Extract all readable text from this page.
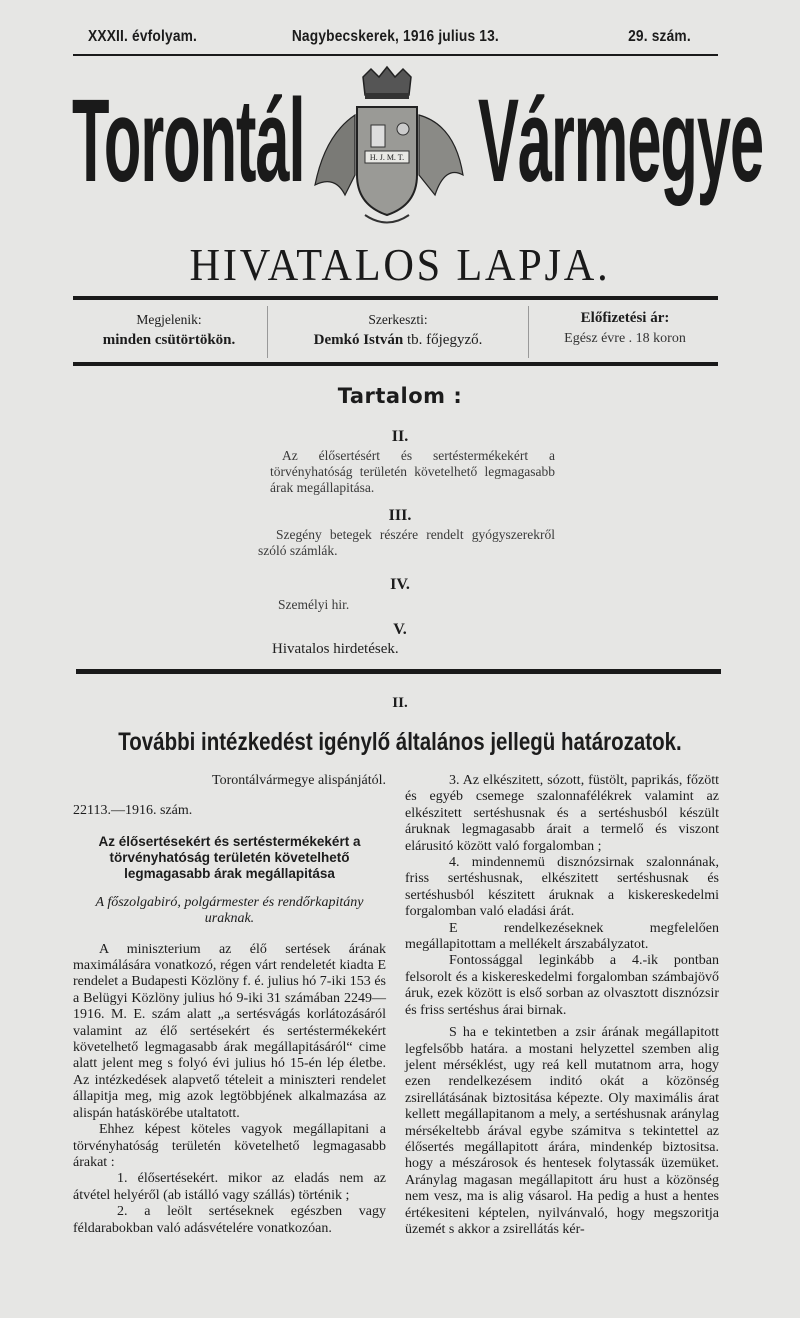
XXXII. évfolyam.	Nagybecskerek, 1916 julius 13.	29. szám.
Torontál Vármegye
H. J. M. T.
HIVATALOS LAPJA.
Megjelenik:
minden csütörtökön.
Szerkeszti:
Demkó István tb. főjegyző.
Előfizetési ár:
Egész évre . 18 koron
Tartalom :
II.
Az élősertésért és sertéstermékekért a törvényhatóság területén követelhető legmagasabb árak megállapitása.
III.
Szegény betegek részére rendelt gyógyszerekről szóló számlák.
IV.
Személyi hir.
V.
Hivatalos hirdetések.
II.
További intézkedést igénylő általános jellegü határozatok.

Torontálvármegye alispánjától.

22113.—1916. szám.

Az élősertésekért és sertéstermékekért a törvényhatóság területén követelhető legmagasabb árak megállapitása

A főszolgabiró, polgármester és rendőrkapitány uraknak.

A miniszterium az élő sertések árának maximálására vonatkozó, régen várt rendeletét kiadta E rendelet a Budapesti Közlöny f. é. julius hó 7-iki 153 és a Belügyi Közlöny julius hó 9-iki 31 számában 2249—1916. M. E. szám alatt „a sertésvágás korlátozásáról valamint az élő sertésekért és sertéstermékekért követelhető legmagasabb árak megállapitásáról“ cime alatt jelent meg s folyó évi julius hó 15-én lép életbe. Az intézkedések alapvető tételeit a miniszteri rendelet állapitja meg, mig azok legtöbbjének alkalmazása az alispán hatáskörébe utaltatott.

Ehhez képest köteles vagyok megállapitani a törvényhatóság területén követelhető legmagasabb árakat :

1. élősertésekért. mikor az eladás nem az átvétel helyéről (ab istálló vagy szállás) történik ;

2. a leölt sertéseknek egészben vagy féldarabokban való adásvételére vonatkozóan.

3. Az elkészitett, sózott, füstölt, paprikás, főzött és egyéb csemege szalonnafélékrek valamint az elkészitett sertéshusnak és a sertéshusból készült áruknak legmagasabb árait a termelő és viszont elárusitó között való forgalomban ;

4. mindennemü disznózsirnak szalonnának, friss sertéshusnak, elkészitett sertéshusnak és sertéshusból készitett áruknak a kiskereskedelmi forgalomban való eladási árát.

E rendelkezéseknek megfelelően megállapitottam a mellékelt árszabályzatot.

Fontossággal leginkább a 4.-ik pontban felsorolt és a kiskereskedelmi forgalomban számbajövő áruk, ezek között is első sorban az olvasztott disznózsir és friss sertéshus árai birnak.

S ha e tekintetben a zsir árának megállapitott legfelsőbb határa. a mostani helyzettel szemben alig jelent mérséklést, ugy reá kell mutatnom arra, hogy ezen rendelkezésem inditó okát a közönség zsirellátásának biztositása képezte. Oly maximális árat kellett megállapitanom a mely, a sertéshusnak aránylag mérsékeltebb árával egybe számitva s tekintettel az élősertés megállapitott árára, mindenkép biztositsa. hogy a mészárosok és hentesek folytassák üzemüket. Aránylag magasan megállapitott áru hust a közönség nem vesz, ma is alig vásarol. Ha pedig a hust a hentes értékesiteni képtelen, nyilvánvaló, hogy megszoritja üzemét s akkor a zsirellátás kér-
